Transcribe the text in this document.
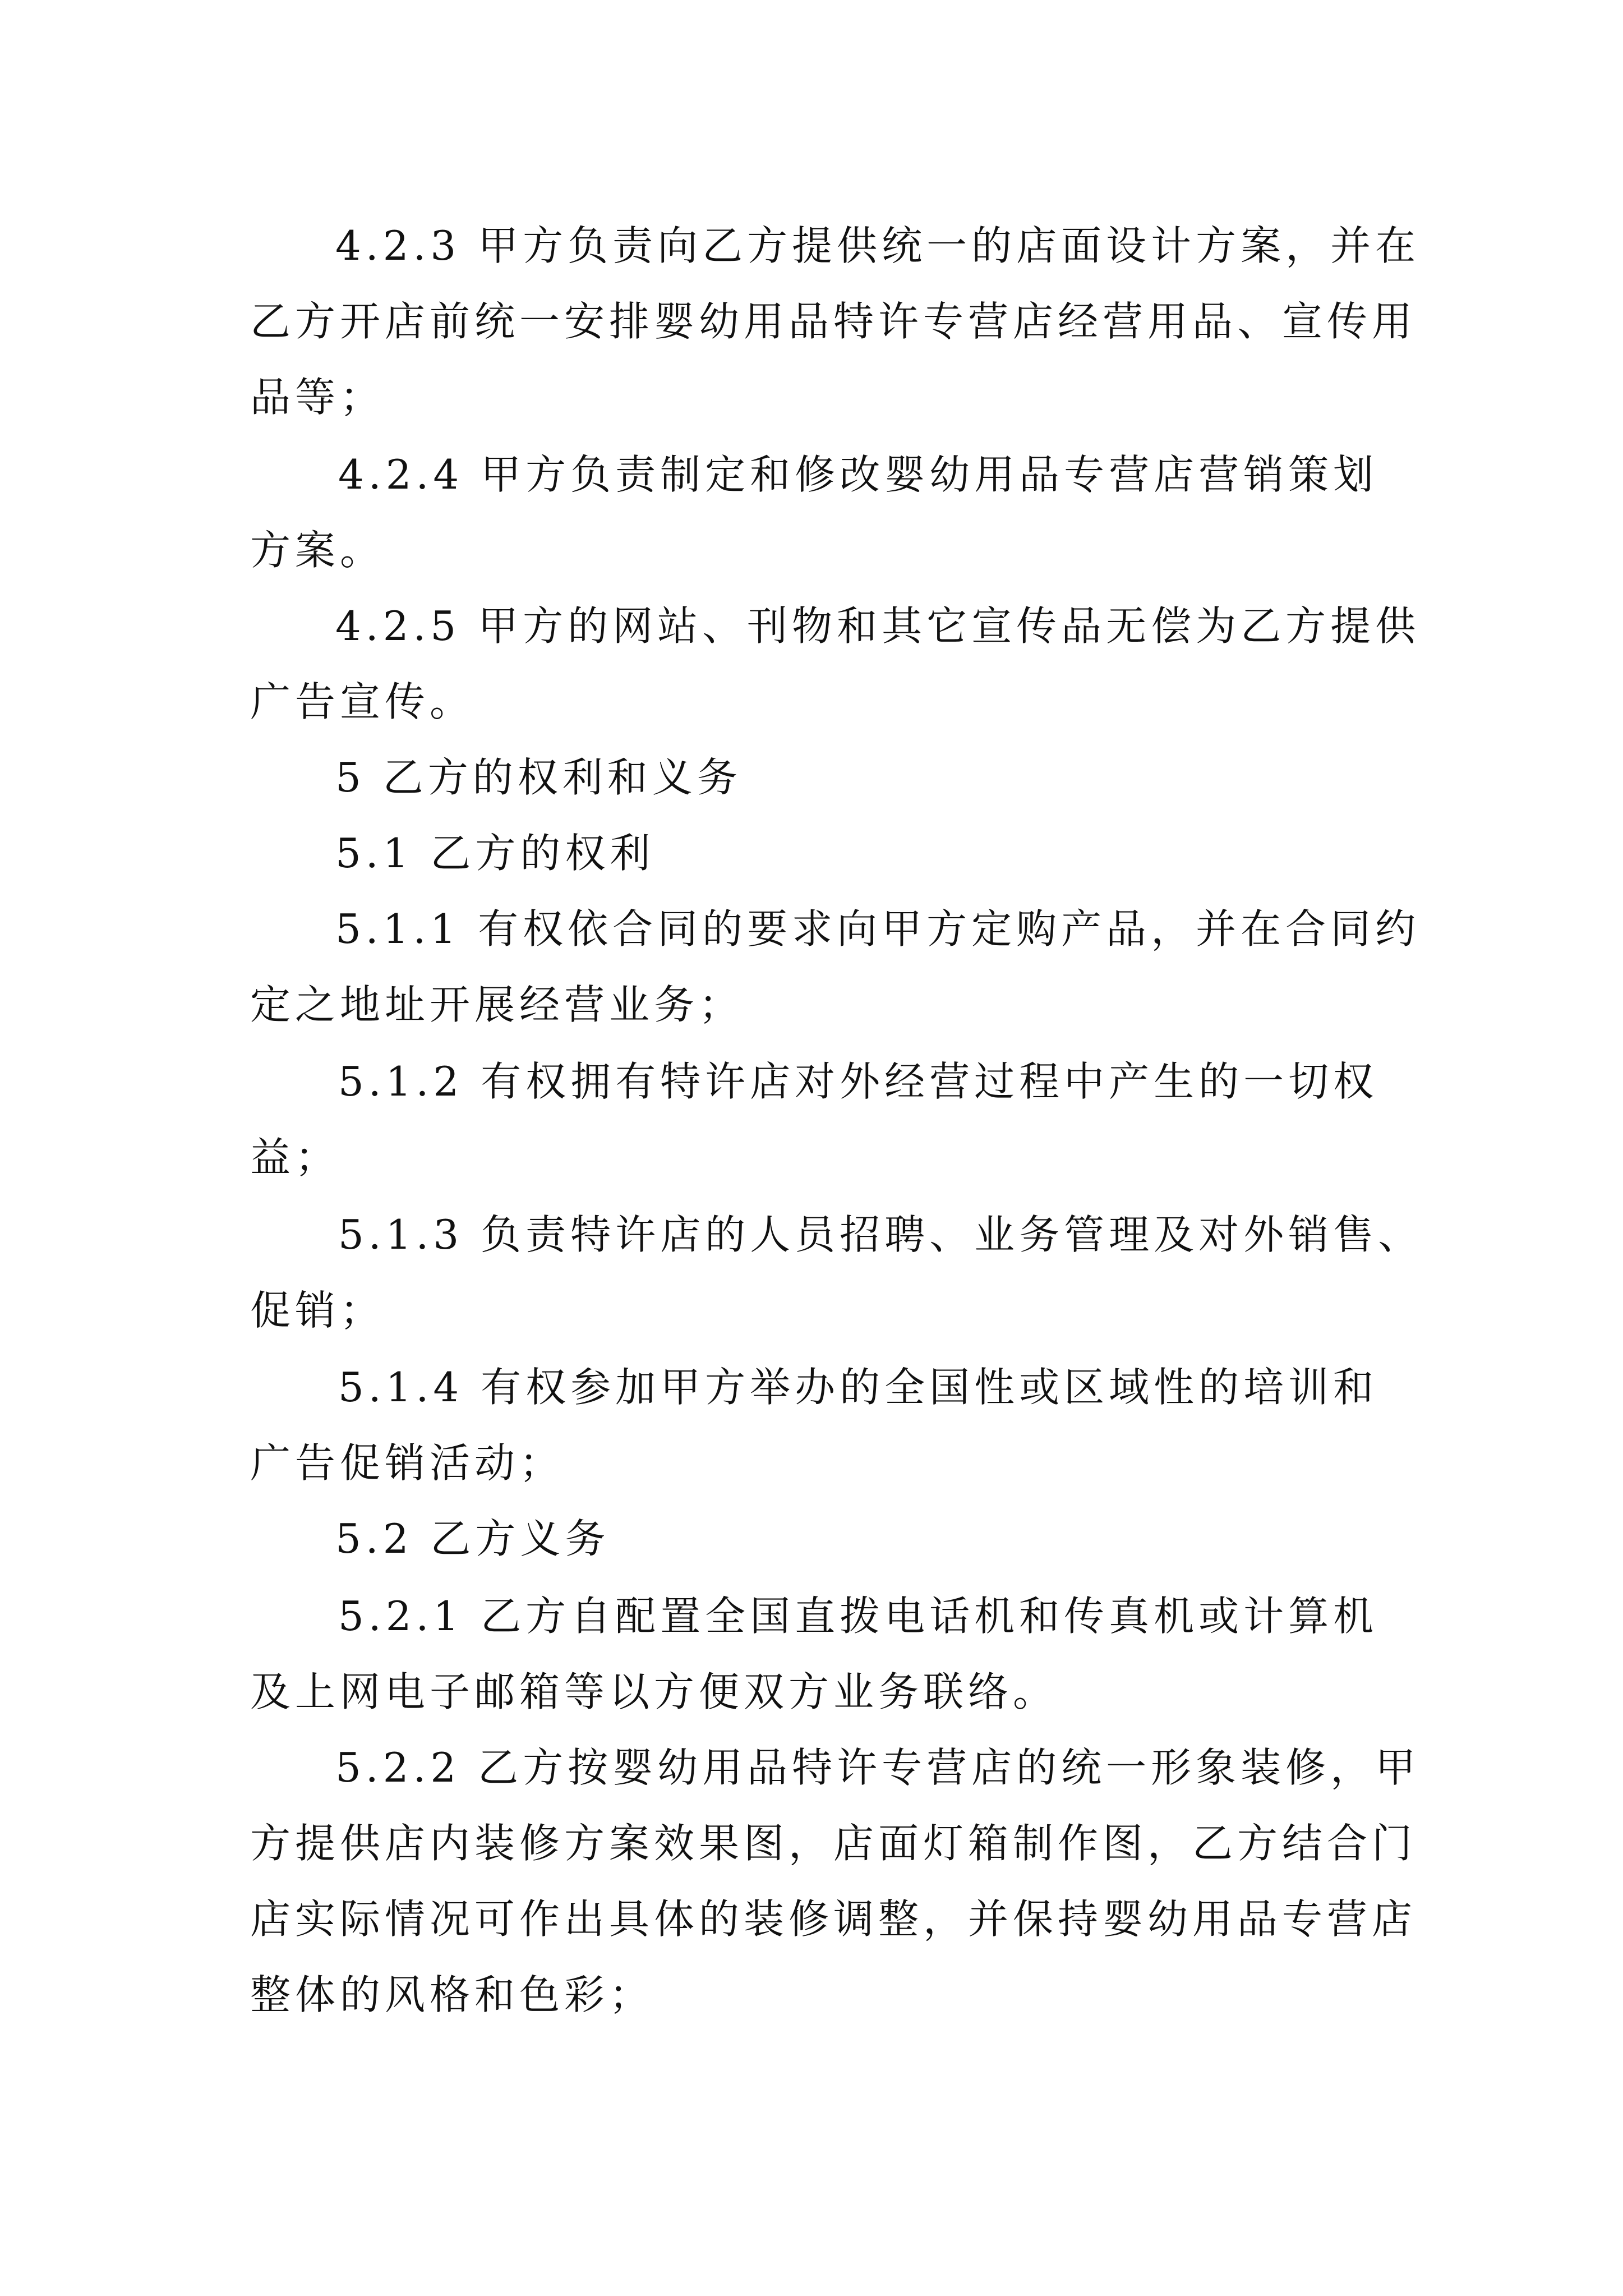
4.2.3 甲方负责向乙方提供统一的店面设计方案，并在
乙方开店前统一安排婴幼用品特许专营店经营用品、宣传用
品等；
4.2.4 甲方负责制定和修改婴幼用品专营店营销策划
方案。
4.2.5 甲方的网站、刊物和其它宣传品无偿为乙方提供
广告宣传。
5 乙方的权利和义务
5.1 乙方的权利
5.1.1 有权依合同的要求向甲方定购产品，并在合同约
定之地址开展经营业务；
5.1.2 有权拥有特许店对外经营过程中产生的一切权
益；
5.1.3 负责特许店的人员招聘、业务管理及对外销售、
促销；
5.1.4 有权参加甲方举办的全国性或区域性的培训和
广告促销活动；
5.2 乙方义务
5.2.1 乙方自配置全国直拨电话机和传真机或计算机
及上网电子邮箱等以方便双方业务联络。
5.2.2 乙方按婴幼用品特许专营店的统一形象装修，甲
方提供店内装修方案效果图，店面灯箱制作图，乙方结合门
店实际情况可作出具体的装修调整，并保持婴幼用品专营店
整体的风格和色彩；
